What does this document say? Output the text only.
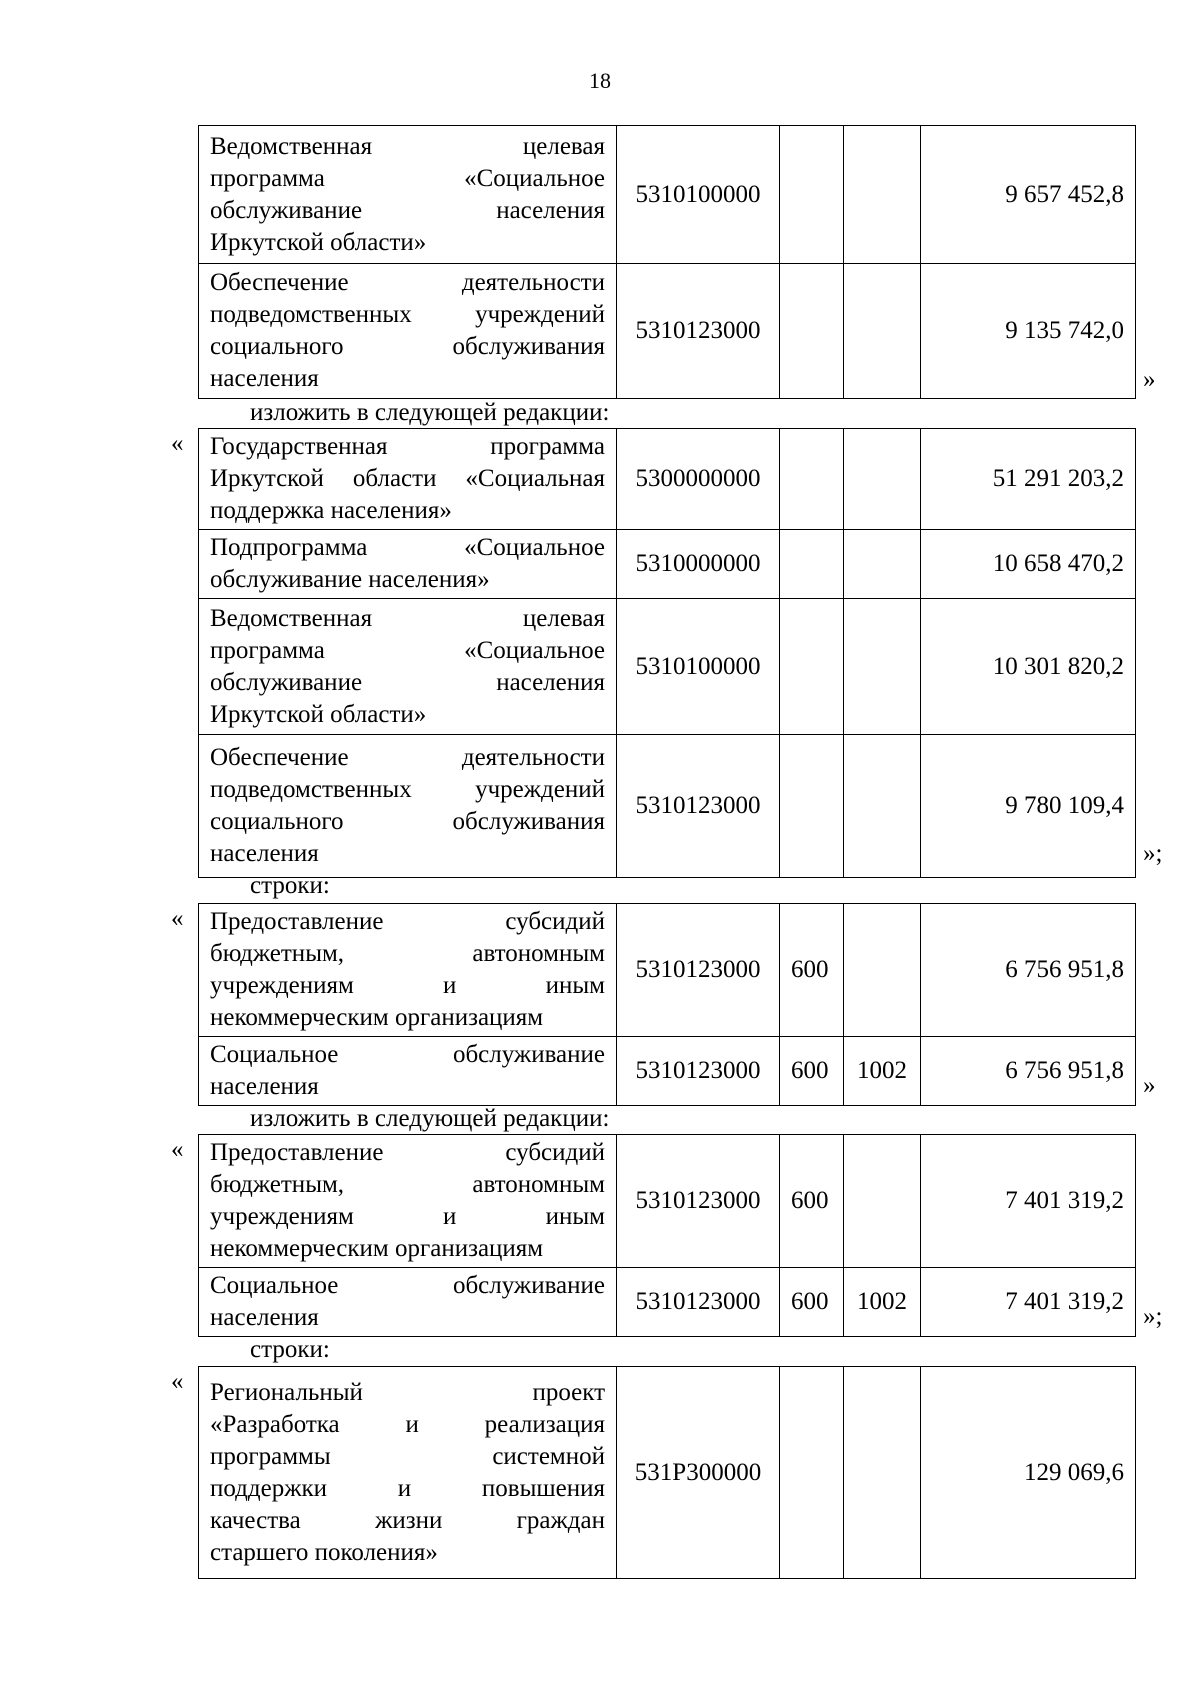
18
Ведомственная целевая
программа «Социальное
обслуживание населения
Иркутской области»	5310100000			9 657 452,8

Обеспечение деятельности
подведомственных учреждений
социального обслуживания
населения	5310123000			9 135 742,0
»
изложить в следующей редакции:
« Государственная программа
Иркутской области «Социальная
поддержка населения»	5300000000			51 291 203,2

Подпрограмма «Социальное
обслуживание населения»	5310000000			10 658 470,2

Ведомственная целевая
программа «Социальное
обслуживание населения
Иркутской области»	5310100000			10 301 820,2

Обеспечение деятельности
подведомственных учреждений
социального обслуживания
населения	5310123000			9 780 109,4
»;
строки:
« Предоставление субсидий
бюджетным, автономным
учреждениям и иным
некоммерческим организациям	5310123000	600		6 756 951,8

Социальное обслуживание
населения	5310123000	600	1002	6 756 951,8
»
изложить в следующей редакции:
« Предоставление субсидий
бюджетным, автономным
учреждениям и иным
некоммерческим организациям	5310123000	600		7 401 319,2

Социальное обслуживание
населения	5310123000	600	1002	7 401 319,2
»;
строки:
« Региональный проект
«Разработка и реализация
программы системной
поддержки и повышения
качества жизни граждан
старшего поколения»
	531P300000			129 069,6
